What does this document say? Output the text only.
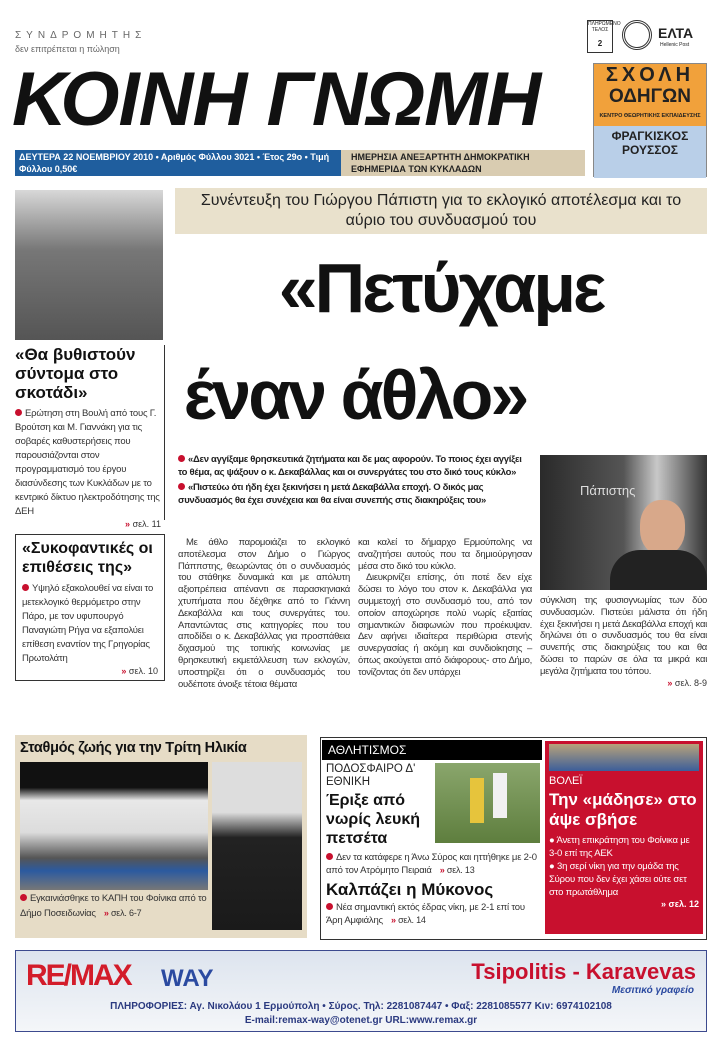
ΣΥΝΔΡΟΜΗΤΗΣ
δεν επιτρέπεται η πώληση
ΚΟΙΝΗ ΓΝΩΜΗ
ΔΕΥΤΕΡΑ 22 ΝΟΕΜΒΡΙΟΥ 2010 • Αριθμός Φύλλου 3021 • Έτος 29ο • Τιμή Φύλλου 0,50€
ΗΜΕΡΗΣΙΑ ΑΝΕΞΑΡΤΗΤΗ ΔΗΜΟΚΡΑΤΙΚΗ ΕΦΗΜΕΡΙΔΑ ΤΩΝ ΚΥΚΛΑΔΩΝ
ΠΛΗΡΩΜΕΝΟ ΤΕΛΟΣ
2
ΕΛΤΑ
Hellenic Post
ΣΧΟΛΗ
ΟΔΗΓΩΝ
ΚΕΝΤΡΟ ΘΕΩΡΗΤΙΚΗΣ ΕΚΠΑΙΔΕΥΣΗΣ
ΦΡΑΓΚΙΣΚΟΣ
ΡΟΥΣΣΟΣ
«Θα βυθιστούν σύντομα στο σκοτάδι»
Ερώτηση στη Βουλή από τους Γ. Βρούτση και Μ. Γιαννάκη για τις σοβαρές καθυστερήσεις που παρουσιάζονται στον προγραμματισμό του έργου διασύνδεσης των Κυκλάδων με το κεντρικό δίκτυο ηλεκτροδότησης της ΔΕΗ
» σελ. 11
«Συκοφαντικές οι επιθέσεις της»
Υψηλό εξακολουθεί να είναι το μετεκλογικό θερμόμετρο στην Πάρο, με τον υφυπουργό Παναγιώτη Ρήγα να εξαπολύει επίθεση εναντίον της Γρηγορίας Πρωτολάτη
» σελ. 10
Συνέντευξη του Γιώργου Πάπιστη για το εκλογικό αποτέλεσμα και το αύριο του συνδυασμού του
«Πετύχαμε
έναν άθλο»
«Δεν αγγίξαμε θρησκευτικά ζητήματα και δε μας αφορούν. Το ποιος έχει αγγίξει το θέμα, ας ψάξουν ο κ. Δεκαβάλλας και οι συνεργάτες του στο δικό τους κύκλο»
«Πιστεύω ότι ήδη έχει ξεκινήσει η μετά Δεκαβάλλα εποχή. Ο δικός μας συνδυασμός θα έχει συνέχεια και θα είναι συνεπής στις διακηρύξεις του»
Πάπιστης
Με άθλο παρομοιάζει το εκλογικό αποτέλεσμα στον Δήμο ο Γιώργος Πάππστης, θεωρώντας ότι ο συνδυασμός του στάθηκε δυναμικά και με απόλυτη αξιοπρέπεια απέναντι σε παρασκηνιακά χτυπήματα που δέχθηκε από το Γιάννη Δεκαβάλλα και τους συνεργάτες του. Απαντώντας στις κατηγορίες που του αποδίδει ο κ. Δεκαβάλλας για προσπάθεια διχασμού της τοπικής κοινωνίας με θρησκευτική εκμετάλλευση των εκλογών, υποστηρίζει ότι ο συνδυασμός του ουδέποτε άνοιξε τέτοια θέματα
και καλεί το δήμαρχο Ερμούπολης να αναζητήσει αυτούς που τα δημιούργησαν μέσα στο δικό του κύκλο.
Διευκρινίζει επίσης, ότι ποτέ δεν είχε δώσει το λόγο του στον κ. Δεκαβάλλα για συμμετοχή στο συνδυασμό του, από τον οποίον αποχώρησε πολύ νωρίς εξαιτίας σημαντικών διαφωνιών που προέκυψαν. Δεν αφήνει ιδιαίτερα περιθώρια στενής συνεργασίας ή ακόμη και συνδιοίκησης – όπως ακούγεται από διάφορους- στο Δήμο, τονίζοντας ότι δεν υπάρχει
σύγκλιση της φυσιογνωμίας των δύο συνδυασμών. Πιστεύει μάλιστα ότι ήδη έχει ξεκινήσει η μετά Δεκαβάλλα εποχή και δηλώνει ότι ο συνδυασμός του θα είναι συνεπής στις διακηρύξεις του και θα δώσει το παρών σε όλα τα μικρά και μεγάλα ζητήματα του τόπου.
» σελ. 8-9
Σταθμός ζωής για την Τρίτη Ηλικία
Εγκαινιάσθηκε το ΚΑΠΗ του Φοίνικα από το Δήμο Ποσειδωνίας » σελ. 6-7
ΑΘΛΗΤΙΣΜΟΣ
ΠΟΔΟΣΦΑΙΡΟ Δ' ΕΘΝΙΚΗ
Έριξε από νωρίς λευκή πετσέτα
Δεν τα κατάφερε η Άνω Σύρος και ηττήθηκε με 2-0 από τον Ατρόμητο Πειραιά » σελ. 13
Καλπάζει η Μύκονος
Νέα σημαντική εκτός έδρας νίκη, με 2-1 επί του Άρη Αμφιάλης » σελ. 14
ΒΟΛΕΪ
Την «μάδησε» στο άψε σβήσε
● Άνετη επικράτηση του Φοίνικα με 3-0 επί της ΑΕΚ
● 3η σερί νίκη για την ομάδα της Σύρου που δεν έχει χάσει ούτε σετ στο πρωτάθλημα
» σελ. 12
RE/MAX WAY	Tsipolitis - Karavevas
Μεσιτικό γραφείο
ΠΛΗΡΟΦΟΡΙΕΣ: Αγ. Νικολάου 1 Ερμούπολη • Σύρος. Τηλ: 2281087447 • Φαξ: 2281085577 Κιν: 6974102108
E-mail:remax-way@otenet.gr URL:www.remax.gr
